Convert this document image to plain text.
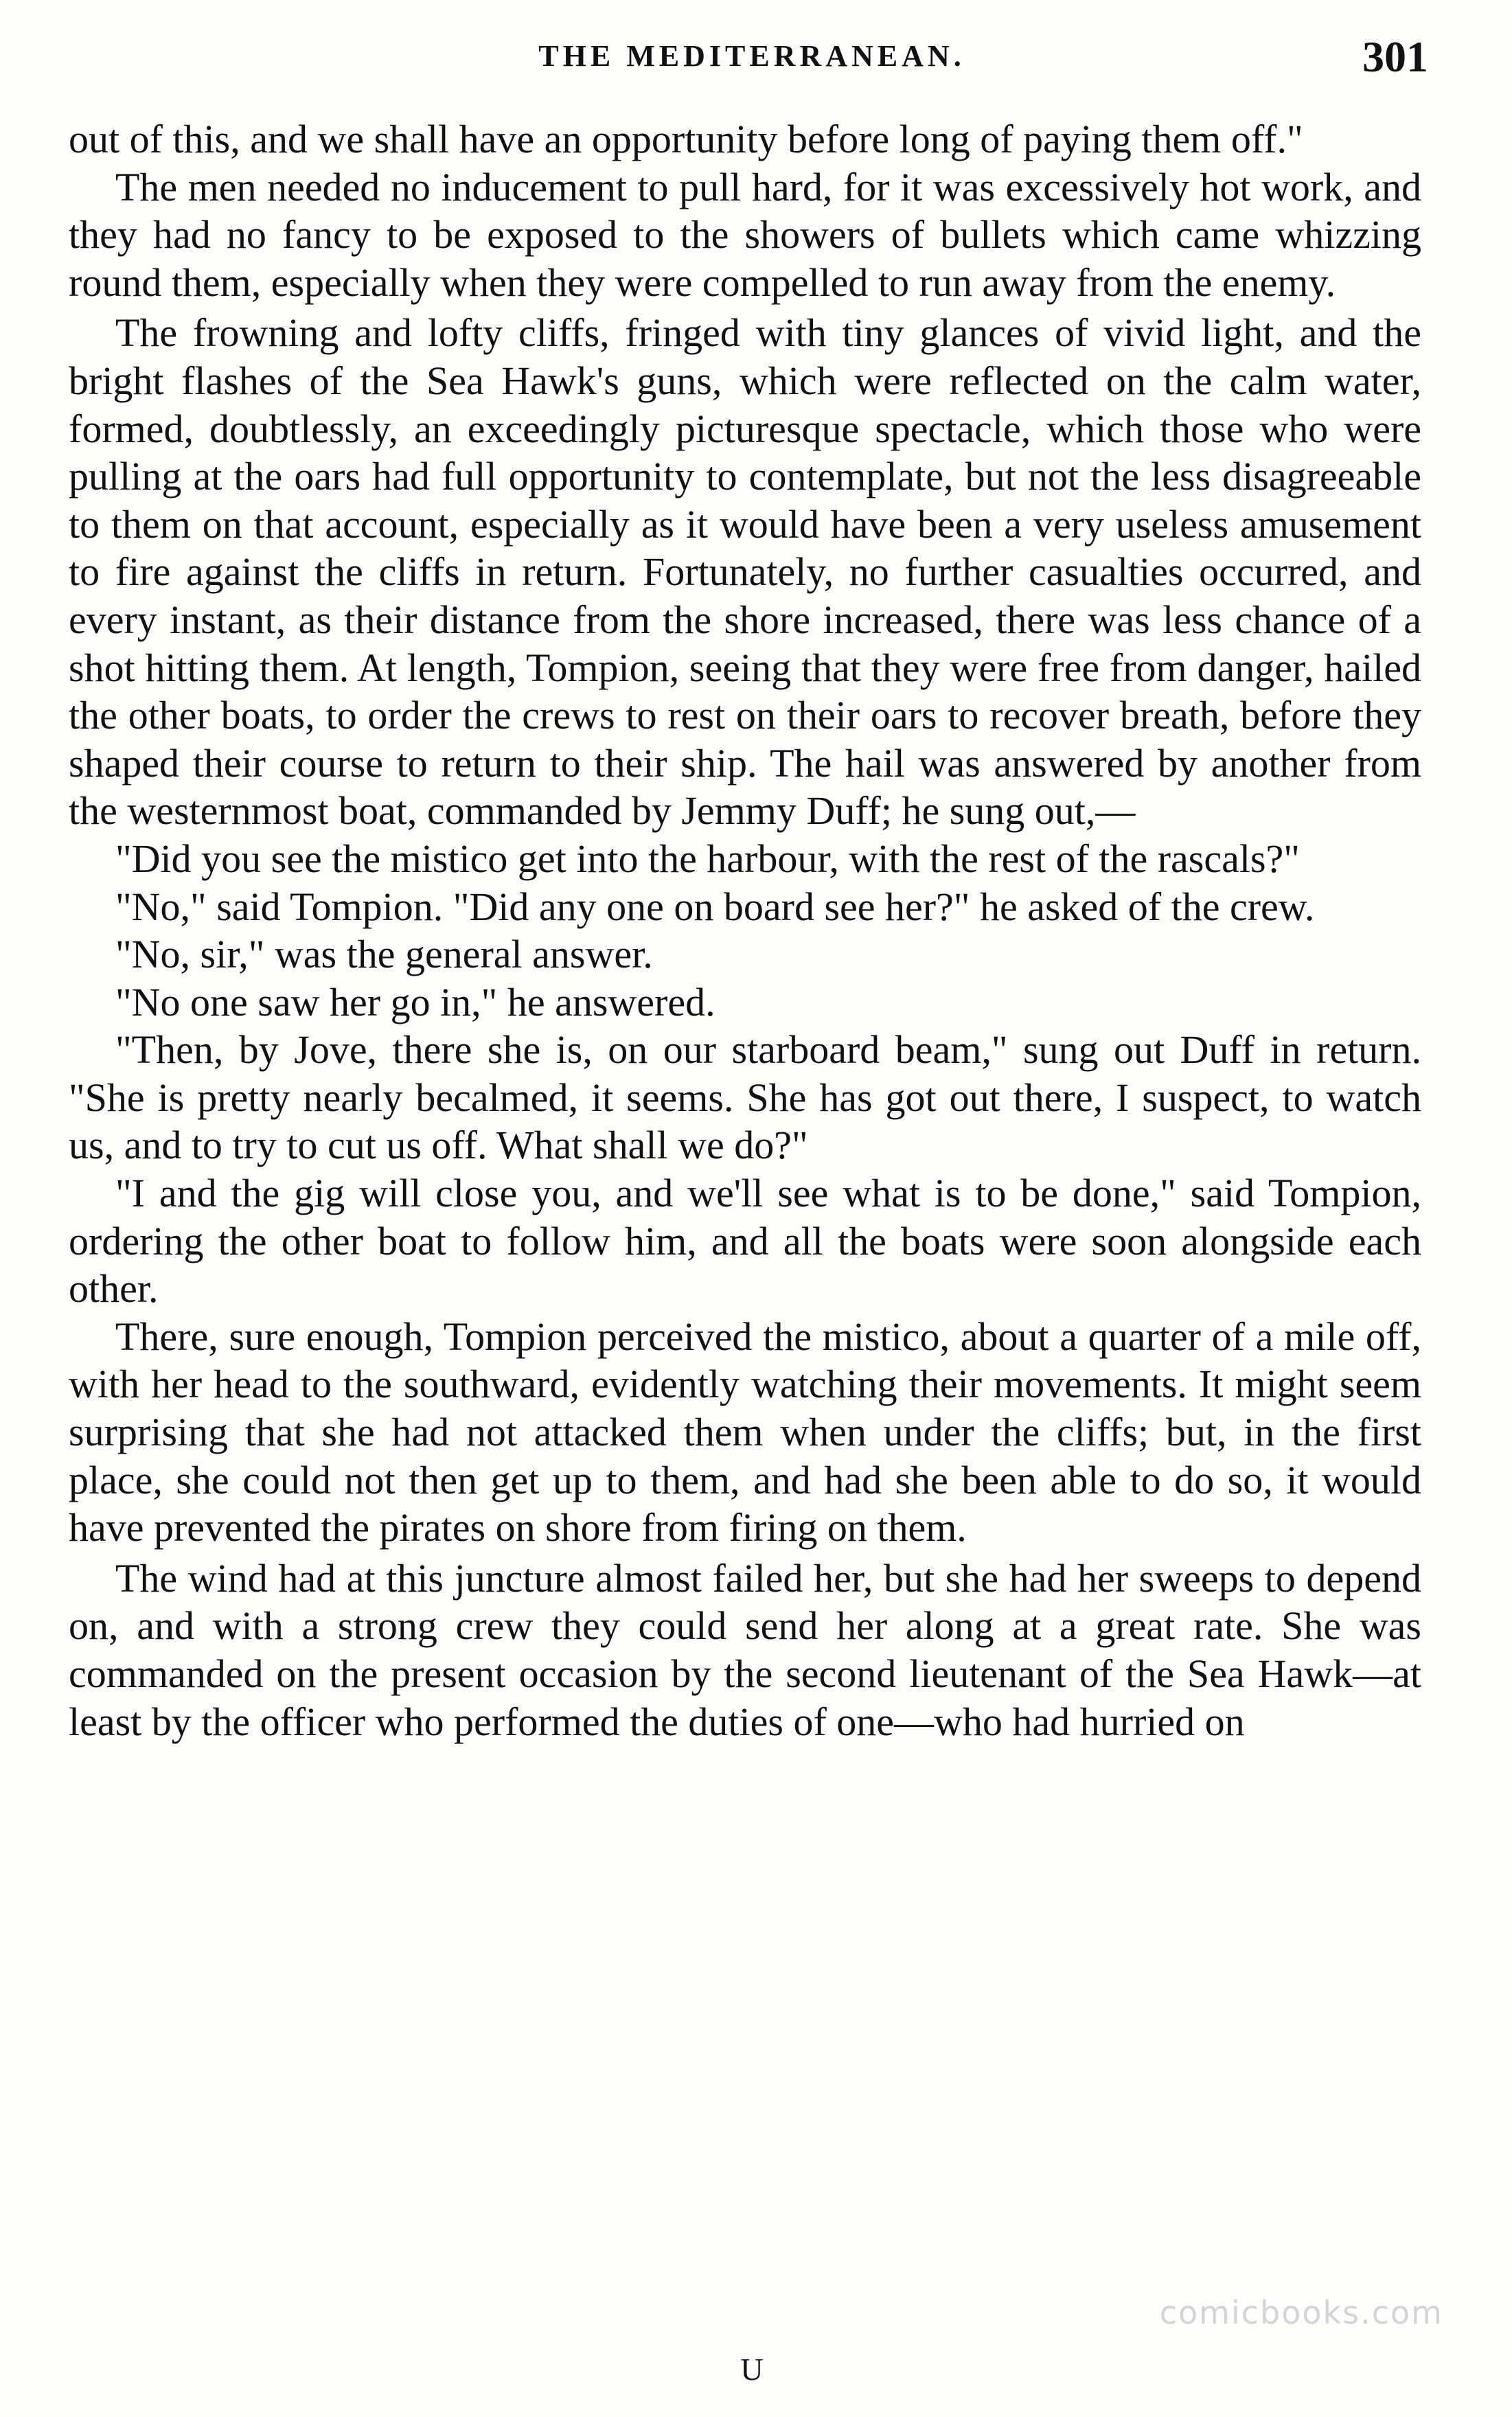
THE MEDITERRANEAN.	301

out of this, and we shall have an opportunity before long of paying them off."

The men needed no inducement to pull hard, for it was excessively hot work, and they had no fancy to be exposed to the showers of bullets which came whizzing round them, especially when they were compelled to run away from the enemy.

The frowning and lofty cliffs, fringed with tiny glances of vivid light, and the bright flashes of the Sea Hawk's guns, which were reflected on the calm water, formed, doubtlessly, an exceedingly picturesque spectacle, which those who were pulling at the oars had full opportunity to contemplate, but not the less disagreeable to them on that account, especially as it would have been a very useless amusement to fire against the cliffs in return. Fortunately, no further casualties occurred, and every instant, as their distance from the shore increased, there was less chance of a shot hitting them. At length, Tompion, seeing that they were free from danger, hailed the other boats, to order the crews to rest on their oars to recover breath, before they shaped their course to return to their ship. The hail was answered by another from the westernmost boat, commanded by Jemmy Duff; he sung out,—

"Did you see the mistico get into the harbour, with the rest of the rascals?"

"No," said Tompion. "Did any one on board see her?" he asked of the crew.

"No, sir," was the general answer.

"No one saw her go in," he answered.

"Then, by Jove, there she is, on our starboard beam," sung out Duff in return. "She is pretty nearly becalmed, it seems. She has got out there, I suspect, to watch us, and to try to cut us off. What shall we do?"

"I and the gig will close you, and we'll see what is to be done," said Tompion, ordering the other boat to follow him, and all the boats were soon alongside each other.

There, sure enough, Tompion perceived the mistico, about a quarter of a mile off, with her head to the southward, evidently watching their movements. It might seem surprising that she had not attacked them when under the cliffs; but, in the first place, she could not then get up to them, and had she been able to do so, it would have prevented the pirates on shore from firing on them.

The wind had at this juncture almost failed her, but she had her sweeps to depend on, and with a strong crew they could send her along at a great rate. She was commanded on the present occasion by the second lieutenant of the Sea Hawk—at least by the officer who performed the duties of one—who had hurried on

U
comicbooks.com
